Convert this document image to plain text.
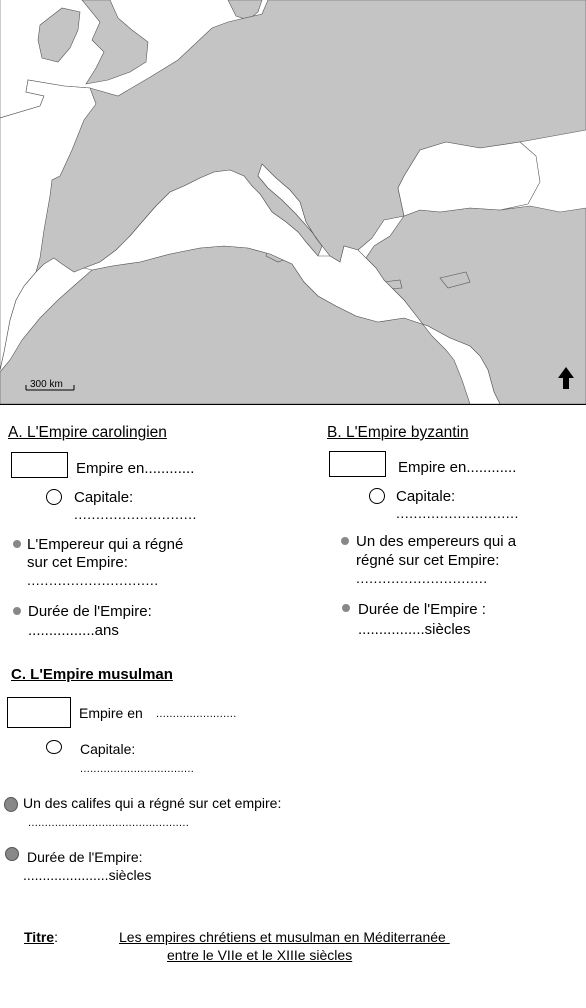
300 km
A. L'Empire carolingien
Empire en............
Capitale:
............................
L'Empereur qui a régné
sur cet Empire:
..............................
Durée de l'Empire:
................ans
B. L'Empire byzantin
Empire en............
Capitale:
............................
Un des empereurs qui a
régné sur cet Empire:
..............................
Durée de l'Empire :
................siècles
C. L'Empire musulman
Empire en ........................
Capitale:
..................................
Un des califes qui a régné sur cet empire:
................................................
Durée de l'Empire:
......................siècles
Titre:	Les empires chrétiens et musulman en Méditerranée
entre le VIIe et le XIIIe siècles
